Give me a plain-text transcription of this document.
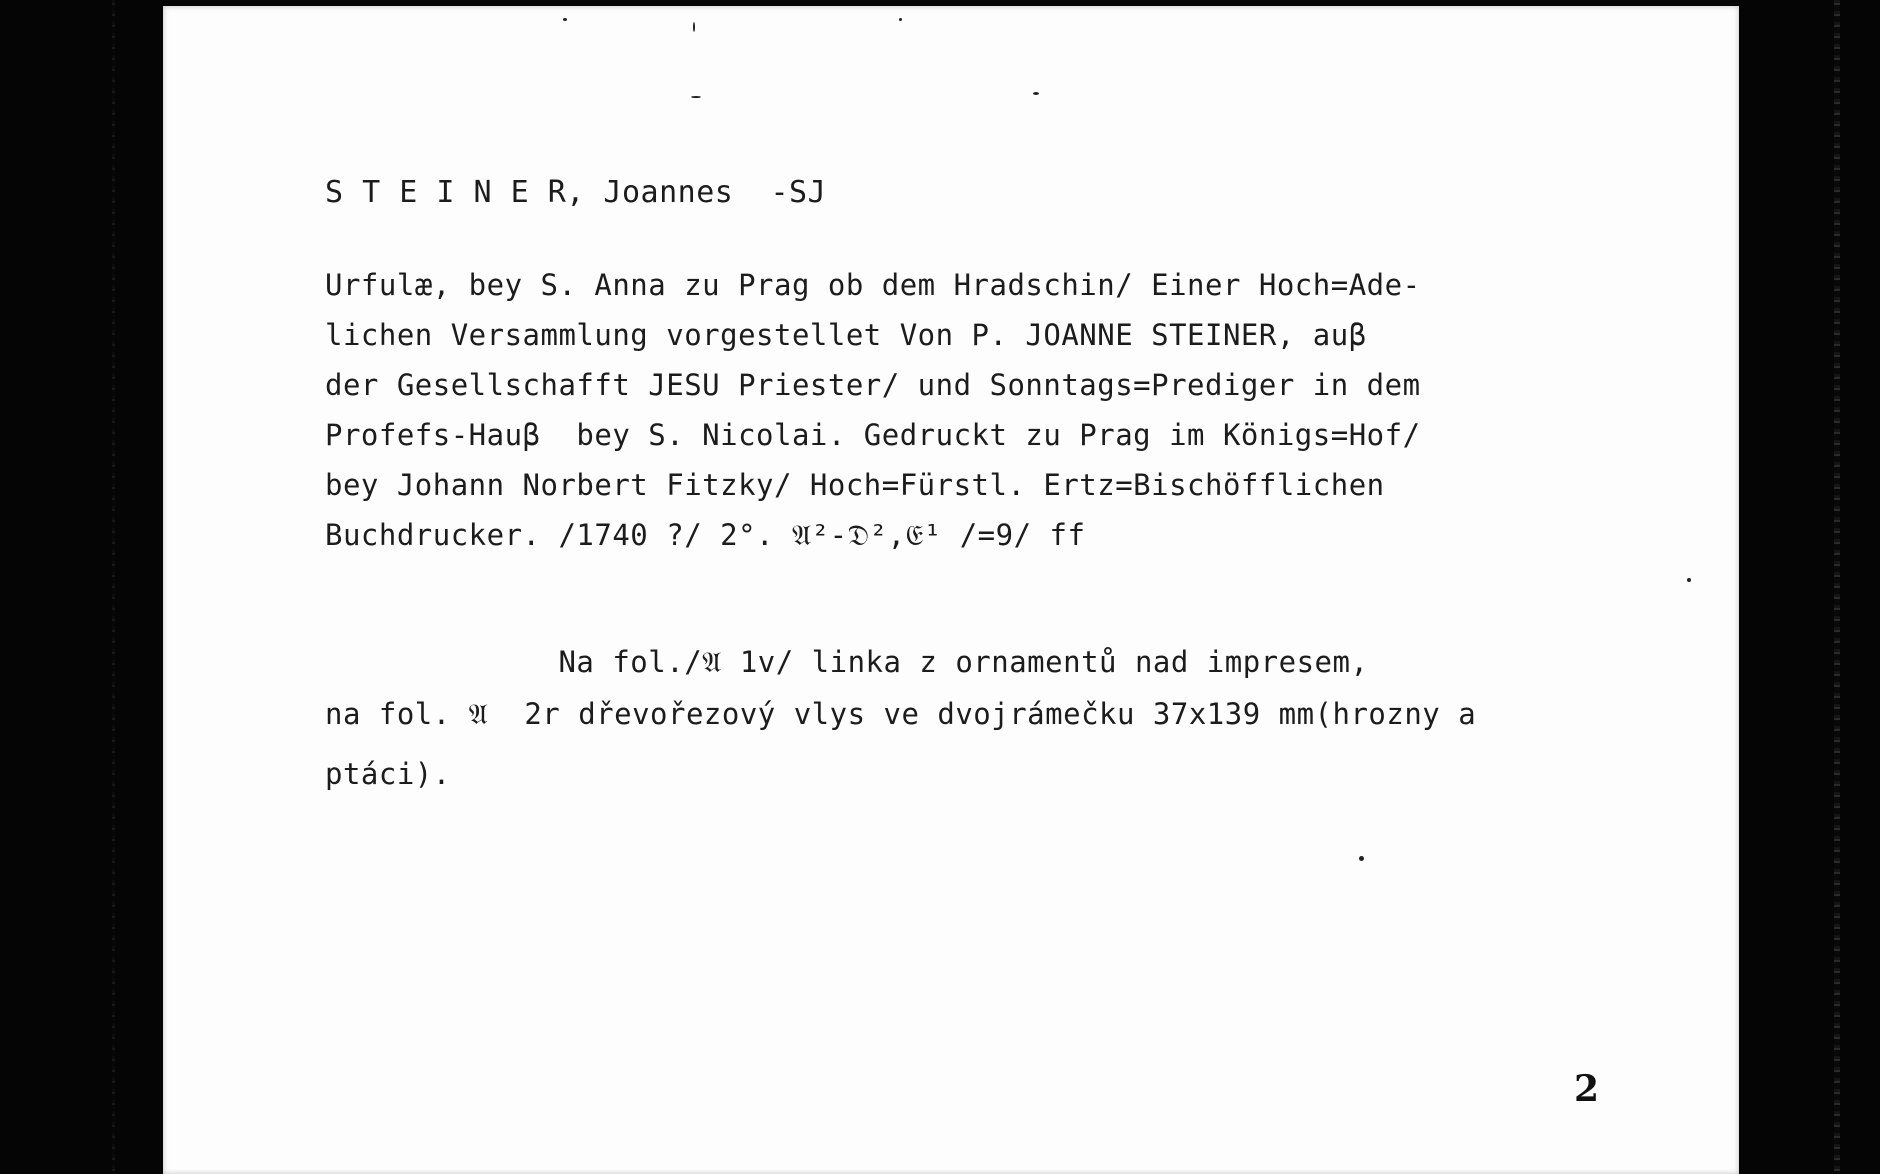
S T E I N E R, Joannes  -SJ
Urfulæ, bey S. Anna zu Prag ob dem Hradschin/ Einer Hoch=Ade-
lichen Versammlung vorgestellet Von P. JOANNE STEINER, auβ
der Gesellschafft JESU Priester/ und Sonntags=Prediger in dem
Profefs-Hauβ  bey S. Nicolai. Gedruckt zu Prag im Königs=Hof/
bey Johann Norbert Fitzky/ Hoch=Fürstl. Ertz=Bischöfflichen
Buchdrucker. /1740 ?/ 2°. 𝔄²-𝔇²,𝔈¹ /=9/ ff
Na fol./𝔄 1v/ linka z ornamentů nad impresem,
na fol. 𝔄  2r dřevořezový vlys ve dvojrámečku 37x139 mm(hrozny a
ptáci).
2
